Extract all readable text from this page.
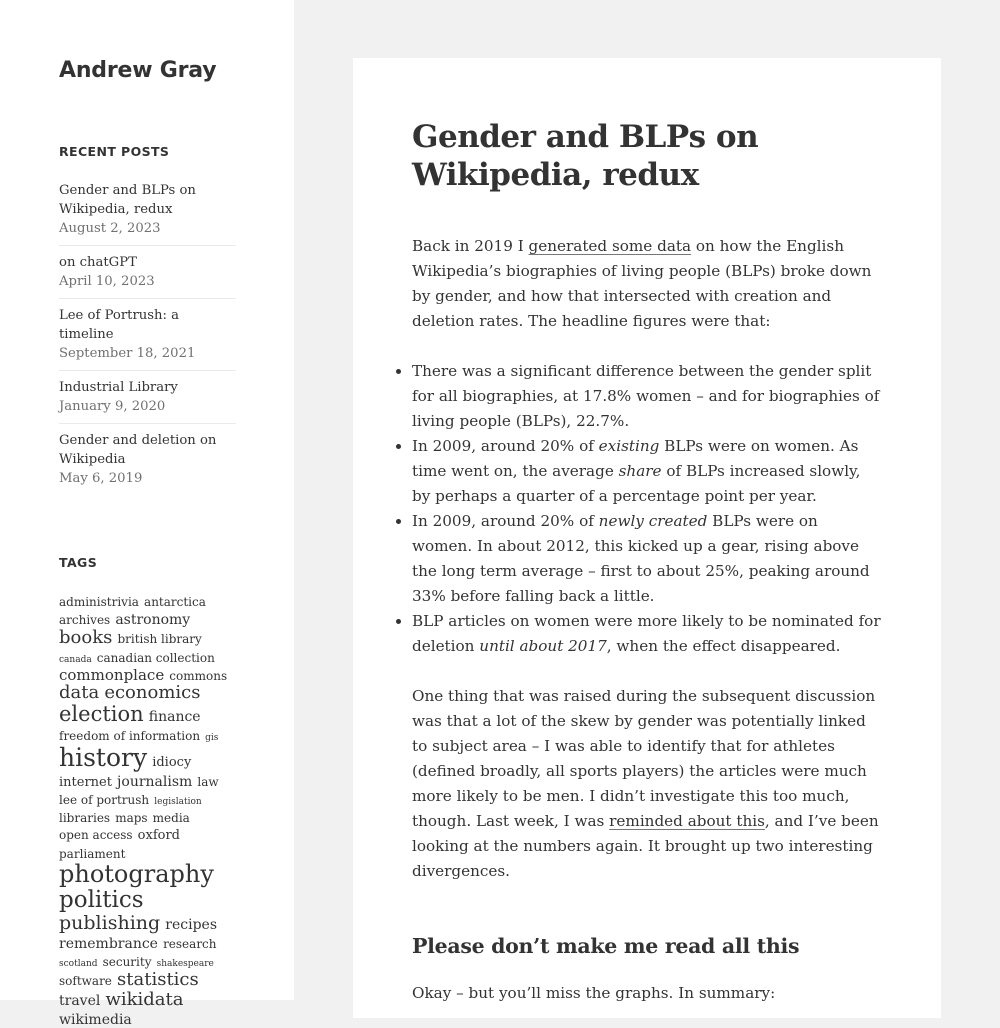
Andrew Gray
RECENT POSTS
Gender and BLPs on Wikipedia, redux
August 2, 2023
on chatGPT
April 10, 2023
Lee of Portrush: a timeline
September 18, 2021
Industrial Library
January 9, 2020
Gender and deletion on Wikipedia
May 6, 2019
TAGS
administrivia antarctica archives astronomy books british library canada canadian collection commonplace commons data economics election finance freedom of information gis history idiocy internet journalism law lee of portrush legislation libraries maps media open access oxford parliament photography politics publishing recipes remembrance research scotland security shakespeare software statistics travel wikidata wikimedia
Gender and BLPs on Wikipedia, redux

Back in 2019 I generated some data on how the English Wikipedia’s biographies of living people (BLPs) broke down by gender, and how that intersected with creation and deletion rates. The headline figures were that:

• There was a significant difference between the gender split for all biographies, at 17.8% women – and for biographies of living people (BLPs), 22.7%.
• In 2009, around 20% of existing BLPs were on women. As time went on, the average share of BLPs increased slowly, by perhaps a quarter of a percentage point per year.
• In 2009, around 20% of newly created BLPs were on women. In about 2012, this kicked up a gear, rising above the long term average – first to about 25%, peaking around 33% before falling back a little.
• BLP articles on women were more likely to be nominated for deletion until about 2017, when the effect disappeared.

One thing that was raised during the subsequent discussion was that a lot of the skew by gender was potentially linked to subject area – I was able to identify that for athletes (defined broadly, all sports players) the articles were much more likely to be men. I didn’t investigate this too much, though. Last week, I was reminded about this, and I’ve been looking at the numbers again. It brought up two interesting divergences.

Please don’t make me read all this

Okay – but you’ll miss the graphs. In summary:
